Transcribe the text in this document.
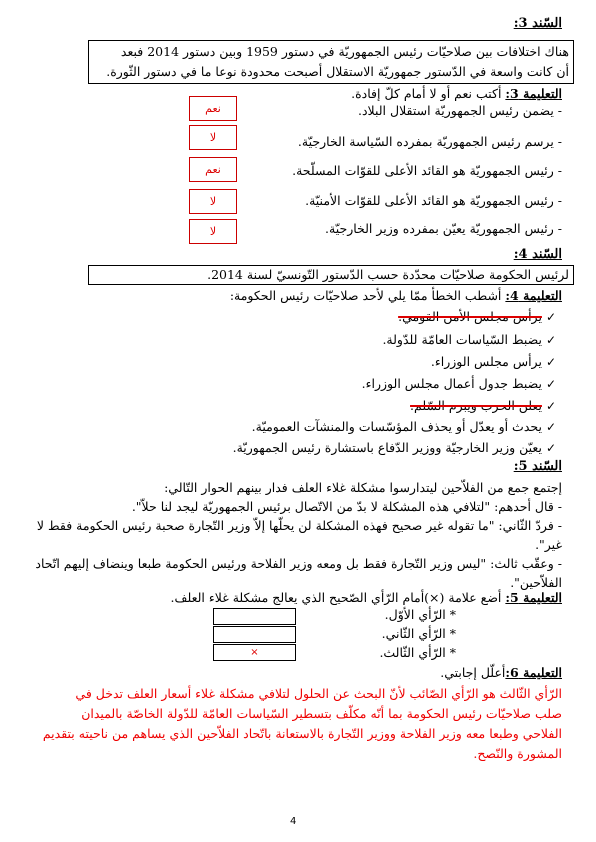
السّند 3:
هناك اختلافات بين صلاحيّات رئيس الجمهوريّة في دستور 1959 وبين دستور 2014 فبعد
أن كانت واسعة في الدّستور جمهوريّة الاستقلال أصبحت محدودة نوعا ما في دستور الثّورة.
التعليمة 3: أكتب نعم أو لا أمام كلّ إفادة.
- يضمن رئيس الجمهوريّة استقلال البلاد.
نعم
- يرسم رئيس الجمهوريّة بمفرده السّياسة الخارجيّة.
لا
- رئيس الجمهوريّة هو القائد الأعلى للقوّات المسلّحة.
نعم
- رئيس الجمهوريّة هو القائد الأعلى للقوّات الأمنيّة.
لا
- رئيس الجمهوريّة يعيّن بمفرده وزير الخارجيّة.
لا
السّند 4:
لرئيس الحكومة صلاحيّات محدّدة حسب الدّستور التّونسيّ لسنة 2014.
التعليمة 4: أشطب الخطأ ممّا يلي لأحد صلاحيّات رئيس الحكومة:
✓يرأس مجلس الأمن القومي.
✓يضبط السّياسات العامّة للدّولة.
✓يرأس مجلس الوزراء.
✓يضبط جدول أعمال مجلس الوزراء.
✓يعلن الحرب ويبرم السّلم.
✓يحدث أو يعدّل أو يحذف المؤسّسات والمنشآت العموميّة.
✓يعيّن وزير الخارجيّة ووزير الدّفاع باستشارة رئيس الجمهوريّة.
السّند 5:
إجتمع جمع من الفلاّحين ليتدارسوا مشكلة غلاء العلف فدار بينهم الحوار التّالي:
- قال أحدهم: "لتلافي هذه المشكلة لا بدّ من الاتّصال برئيس الجمهوريّة ليجد لنا حلاّ".
- فردّ الثّاني: "ما تقوله غير صحيح فهذه المشكلة لن يحلّها إلاّ وزير التّجارة صحبة رئيس الحكومة فقط لا
غير".
- وعقّب ثالث: "ليس وزير التّجارة فقط بل ومعه وزير الفلاحة ورئيس الحكومة طبعا وينضاف إليهم اتّحاد
الفلاّحين".
التعليمة 5: أضع علامة (×)أمام الرّأي الصّحيح الذي يعالج مشكلة غلاء العلف.
* الرّأي الأوّل.
* الرّأي الثّاني.
* الرّأي الثّالث.
×
التعليمة 6:أعلّل إجابتي.
الرّأي الثّالث هو الرّأي الصّائب لأنّ البحث عن الحلول لتلافي مشكلة غلاء أسعار العلف تدخل في
صلب صلاحيّات رئيس الحكومة بما أنّه مكلّف بتسطير السّياسات العامّة للدّولة الخاصّة بالميدان
الفلاحي وطبعا معه وزير الفلاحة ووزير التّجارة بالاستعانة باتّحاد الفلاّحين الذي يساهم من ناحيته بتقديم
المشورة والنّصح.
4
